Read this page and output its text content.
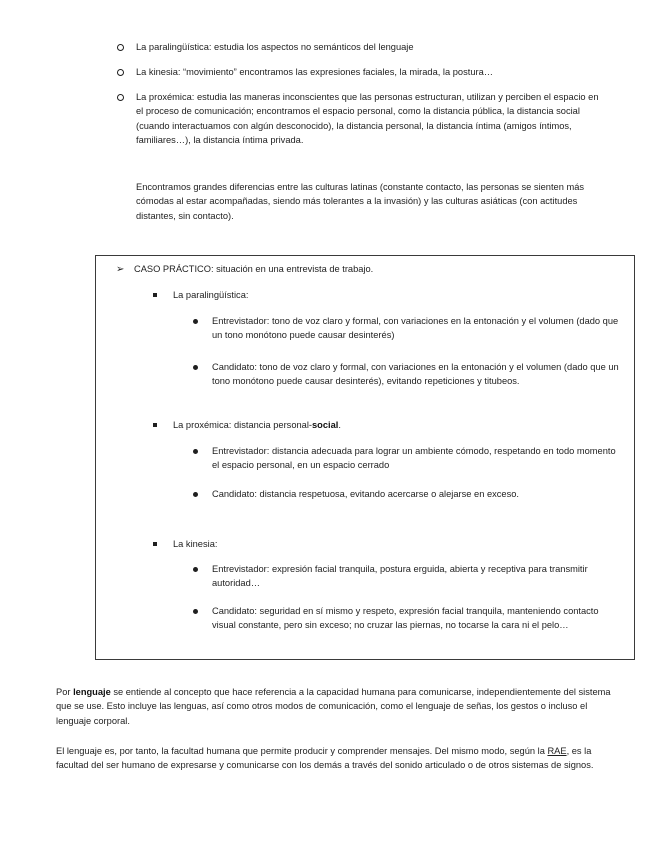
La paralingüística: estudia los aspectos no semánticos del lenguaje
La kinesia: “movimiento” encontramos las expresiones faciales, la mirada, la postura…
La proxémica: estudia las maneras inconscientes que las personas estructuran, utilizan y perciben el espacio en el proceso de comunicación; encontramos el espacio personal, como la distancia pública, la distancia social (cuando interactuamos con algún desconocido), la distancia personal, la distancia íntima (amigos íntimos, familiares…), la distancia íntima privada.
Encontramos grandes diferencias entre las culturas latinas (constante contacto, las personas se sienten más cómodas al estar acompañadas, siendo más tolerantes a la invasión) y las culturas asiáticas (con actitudes distantes, sin contacto).
➢ CASO PRÁCTICO: situación en una entrevista de trabajo.
La paralingüística:
Entrevistador: tono de voz claro y formal, con variaciones en la entonación y el volumen (dado que un tono monótono puede causar desinterés)
Candidato: tono de voz claro y formal, con variaciones en la entonación y el volumen (dado que un tono monótono puede causar desinterés), evitando repeticiones y titubeos.
La proxémica: distancia personal-social.
Entrevistador: distancia adecuada para lograr un ambiente cómodo, respetando en todo momento el espacio personal, en un espacio cerrado
Candidato: distancia respetuosa, evitando acercarse o alejarse en exceso.
La kinesia:
Entrevistador: expresión facial tranquila, postura erguida, abierta y receptiva para transmitir autoridad…
Candidato: seguridad en sí mismo y respeto, expresión facial tranquila, manteniendo contacto visual constante, pero sin exceso; no cruzar las piernas, no tocarse la cara ni el pelo…
Por lenguaje se entiende al concepto que hace referencia a la capacidad humana para comunicarse, independientemente del sistema que se use. Esto incluye las lenguas, así como otros modos de comunicación, como el lenguaje de señas, los gestos o incluso el lenguaje corporal.
El lenguaje es, por tanto, la facultad humana que permite producir y comprender mensajes. Del mismo modo, según la RAE, es la facultad del ser humano de expresarse y comunicarse con los demás a través del sonido articulado o de otros sistemas de signos.
